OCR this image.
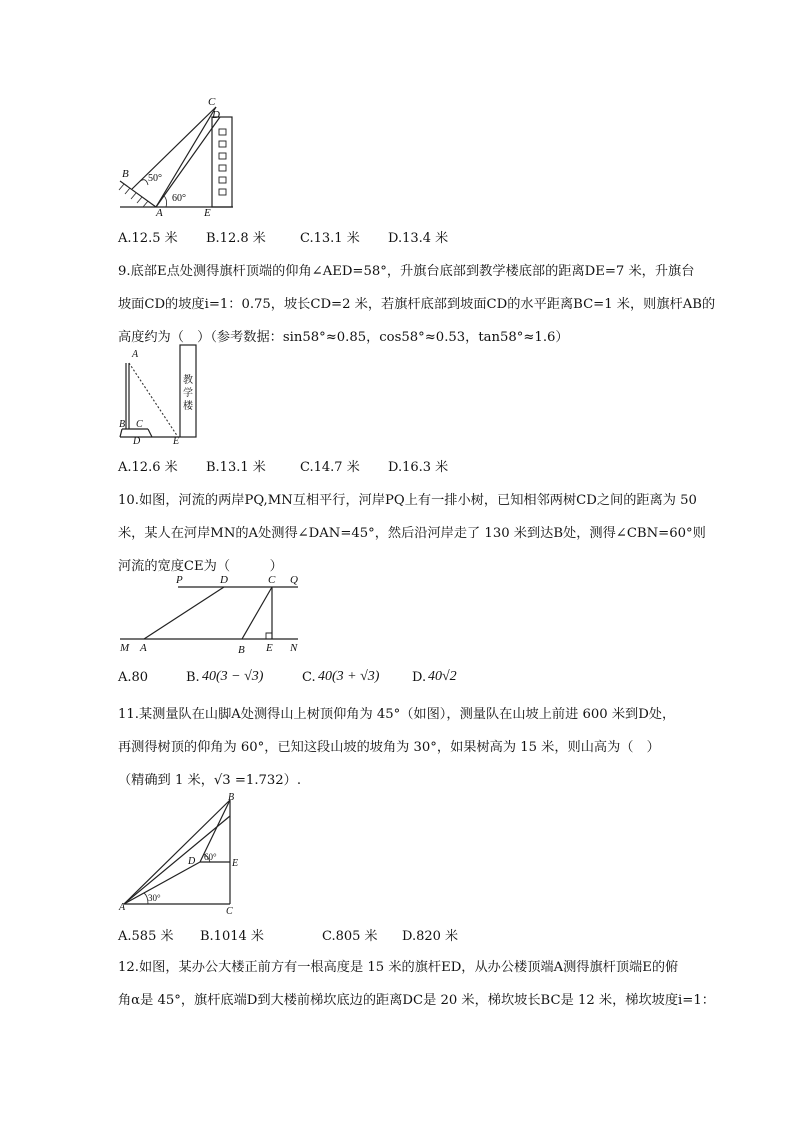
C
D
B
A	E
50°
60°
A.12.5 米 B.12.8 米	C.13.1 米 D.13.4 米
9.底部E点处测得旗杆顶端的仰角∠AED=58°，升旗台底部到教学楼底部的距离DE=7 米，升旗台
坡面CD的坡度i=1：0.75，坡长CD=2 米，若旗杆底部到坡面CD的水平距离BC=1 米，则旗杆AB的
高度约为（　）（参考数据：sin58°≈0.85，cos58°≈0.53，tan58°≈1.6）
A
B C
D	E
教
学
楼
A.12.6 米 B.13.1 米	C.14.7 米 D.16.3 米
10.如图，河流的两岸PQ,MN互相平行，河岸PQ上有一排小树，已知相邻两树CD之间的距离为 50
米，某人在河岸MN的A处测得∠DAN=45°，然后沿河岸走了 130 米到达B处，测得∠CBN=60°则
河流的宽度CE为（　　　）
P	D	C Q
M A	B E N
A.80	B. 40(3 − √3)	C. 40(3 + √3)	D. 40√2
11.某测量队在山脚A处测得山上树顶仰角为 45°（如图），测量队在山坡上前进 600 米到D处，
再测得树顶的仰角为 60°，已知这段山坡的坡角为 30°，如果树高为 15 米，则山高为（　）
（精确到 1 米，√3 =1.732）.
B
D	E
A	C
60°
30°
A.585 米 B.1014 米	C.805 米 D.820 米
12.如图，某办公大楼正前方有一根高度是 15 米的旗杆ED，从办公楼顶端A测得旗杆顶端E的俯
角α是 45°，旗杆底端D到大楼前梯坎底边的距离DC是 20 米，梯坎坡长BC是 12 米，梯坎坡度i=1：
